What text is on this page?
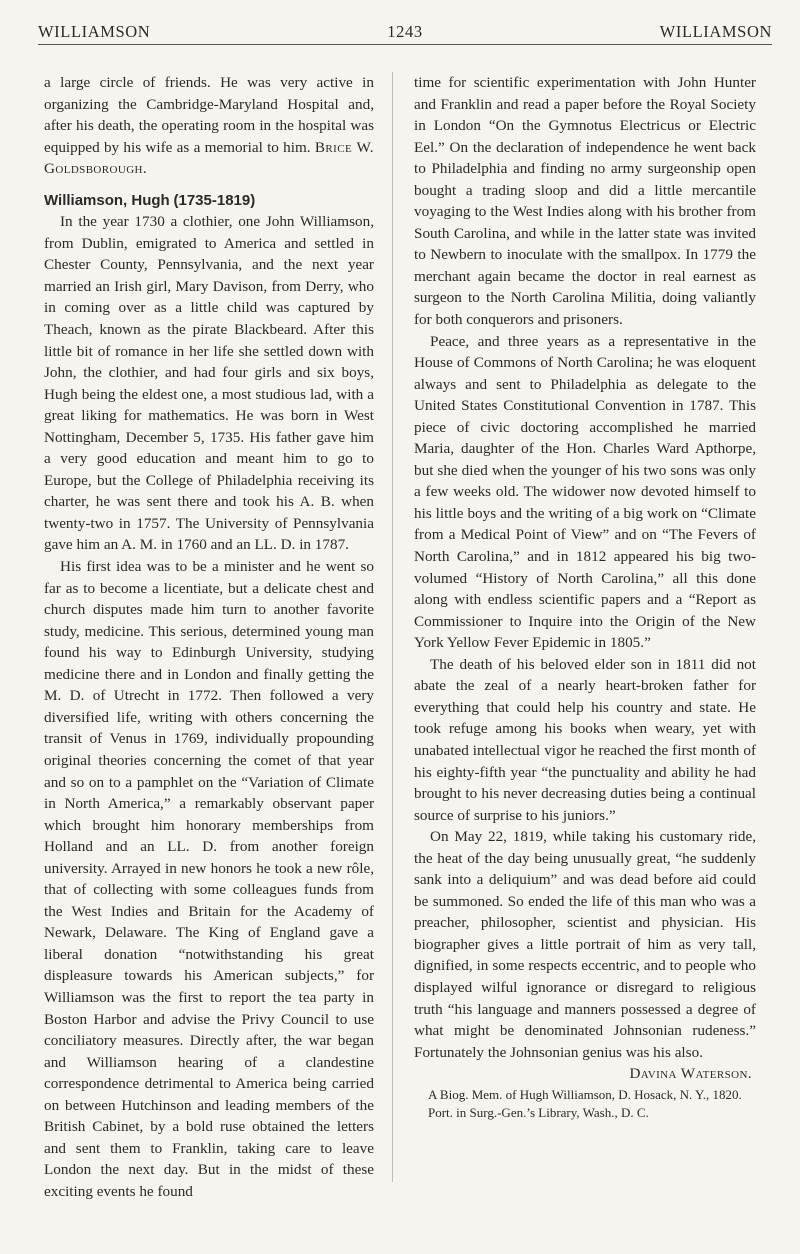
WILLIAMSON	1243	WILLIAMSON

a large circle of friends. He was very active in organizing the Cambridge-Maryland Hospital and, after his death, the operating room in the hospital was equipped by his wife as a memorial to him. Brice W. Goldsborough.

Williamson, Hugh (1735-1819)

In the year 1730 a clothier, one John Williamson, from Dublin, emigrated to America and settled in Chester County, Pennsylvania, and the next year married an Irish girl, Mary Davison, from Derry, who in coming over as a little child was captured by Theach, known as the pirate Blackbeard. After this little bit of romance in her life she settled down with John, the clothier, and had four girls and six boys, Hugh being the eldest one, a most studious lad, with a great liking for mathematics. He was born in West Nottingham, December 5, 1735. His father gave him a very good education and meant him to go to Europe, but the College of Philadelphia receiving its charter, he was sent there and took his A. B. when twenty-two in 1757. The University of Pennsylvania gave him an A. M. in 1760 and an LL. D. in 1787.

His first idea was to be a minister and he went so far as to become a licentiate, but a delicate chest and church disputes made him turn to another favorite study, medicine. This serious, determined young man found his way to Edinburgh University, studying medicine there and in London and finally getting the M. D. of Utrecht in 1772. Then followed a very diversified life, writing with others concerning the transit of Venus in 1769, individually propounding original theories concerning the comet of that year and so on to a pamphlet on the “Variation of Climate in North America,” a remarkably observant paper which brought him honorary memberships from Holland and an LL. D. from another foreign university. Arrayed in new honors he took a new rôle, that of collecting with some colleagues funds from the West Indies and Britain for the Academy of Newark, Delaware. The King of England gave a liberal donation “notwithstanding his great displeasure towards his American subjects,” for Williamson was the first to report the tea party in Boston Harbor and advise the Privy Council to use conciliatory measures. Directly after, the war began and Williamson hearing of a clandestine correspondence detrimental to America being carried on between Hutchinson and leading members of the British Cabinet, by a bold ruse obtained the letters and sent them to Franklin, taking care to leave London the next day. But in the midst of these exciting events he found

time for scientific experimentation with John Hunter and Franklin and read a paper before the Royal Society in London “On the Gymnotus Electricus or Electric Eel.” On the declaration of independence he went back to Philadelphia and finding no army surgeonship open bought a trading sloop and did a little mercantile voyaging to the West Indies along with his brother from South Carolina, and while in the latter state was invited to Newbern to inoculate with the smallpox. In 1779 the merchant again became the doctor in real earnest as surgeon to the North Carolina Militia, doing valiantly for both conquerors and prisoners.

Peace, and three years as a representative in the House of Commons of North Carolina; he was eloquent always and sent to Philadelphia as delegate to the United States Constitutional Convention in 1787. This piece of civic doctoring accomplished he married Maria, daughter of the Hon. Charles Ward Apthorpe, but she died when the younger of his two sons was only a few weeks old. The widower now devoted himself to his little boys and the writing of a big work on “Climate from a Medical Point of View” and on “The Fevers of North Carolina,” and in 1812 appeared his big two-volumed “History of North Carolina,” all this done along with endless scientific papers and a “Report as Commissioner to Inquire into the Origin of the New York Yellow Fever Epidemic in 1805.”

The death of his beloved elder son in 1811 did not abate the zeal of a nearly heart-broken father for everything that could help his country and state. He took refuge among his books when weary, yet with unabated intellectual vigor he reached the first month of his eighty-fifth year “the punctuality and ability he had brought to his never decreasing duties being a continual source of surprise to his juniors.”

On May 22, 1819, while taking his customary ride, the heat of the day being unusually great, “he suddenly sank into a deliquium” and was dead before aid could be summoned. So ended the life of this man who was a preacher, philosopher, scientist and physician. His biographer gives a little portrait of him as very tall, dignified, in some respects eccentric, and to people who displayed wilful ignorance or disregard to religious truth “his language and manners possessed a degree of what might be denominated Johnsonian rudeness.” Fortunately the Johnsonian genius was his also.

Davina Waterson.

A Biog. Mem. of Hugh Williamson, D. Hosack, N. Y., 1820.

Port. in Surg.-Gen.’s Library, Wash., D. C.
